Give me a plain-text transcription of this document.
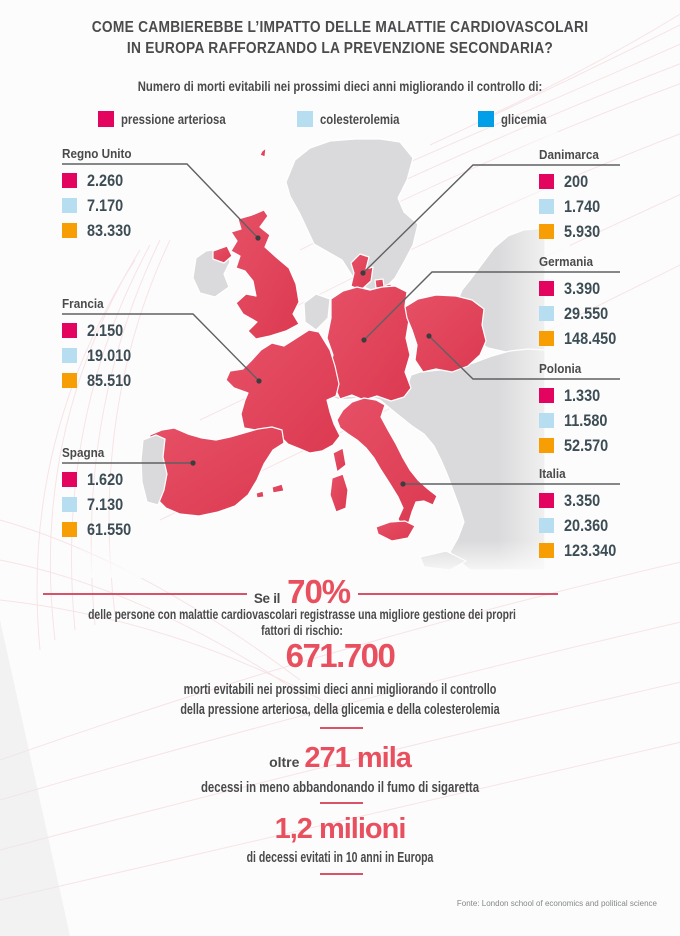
COME CAMBIEREBBE L’IMPATTO DELLE MALATTIE CARDIOVASCOLARI
IN EUROPA RAFFORZANDO LA PREVENZIONE SECONDARIA?
Numero di morti evitabili nei prossimi dieci anni migliorando il controllo di:
pressione arteriosa	colesterolemia	glicemia
Regno Unito
2.260
7.170
83.330
Francia
2.150
19.010
85.510
Spagna
1.620
7.130
61.550
Danimarca
200
1.740
5.930
Germania
3.390
29.550
148.450
Polonia
1.330
11.580
52.570
Italia
3.350
20.360
123.340
Se il 70%
delle persone con malattie cardiovascolari registrasse una migliore gestione dei propri fattori di rischio:
671.700
morti evitabili nei prossimi dieci anni migliorando il controllo
della pressione arteriosa, della glicemia e della colesterolemia
oltre 271 mila
decessi in meno abbandonando il fumo di sigaretta
1,2 milioni
di decessi evitati in 10 anni in Europa
Fonte: London school of economics and political science
